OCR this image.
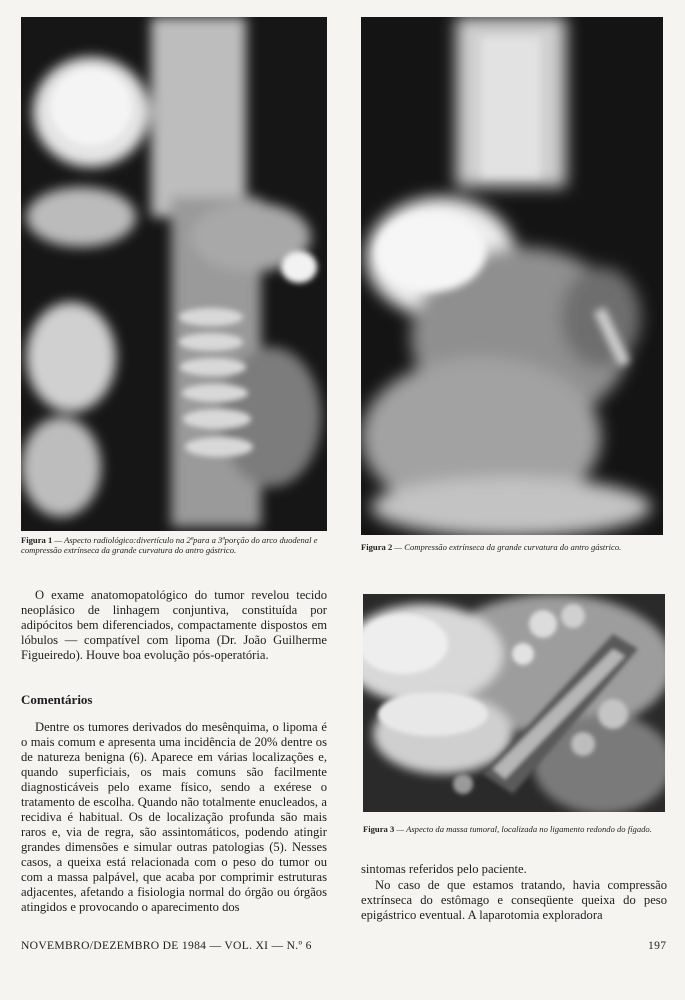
Figura 1 — Aspecto radiológico:divertículo na 2ªpara a 3ªporção do arco duodenal e compressão extrínseca da grande curvatura do antro gástrico.	Figura 2 — Compressão extrínseca da grande curvatura do antro gástrico.

Figura 3 — Aspecto da massa tumoral, localizada no ligamento redondo do fígado.

O exame anatomopatológico do tumor revelou tecido neoplásico de linhagem conjuntiva, constituída por adipócitos bem diferenciados, compactamente dispostos em lóbulos — compatível com lipoma (Dr. João Guilherme Figueiredo). Houve boa evolução pós-operatória.

Comentários

Dentre os tumores derivados do mesênquima, o lipoma é o mais comum e apresenta uma incidência de 20% dentre os de natureza benigna (6). Aparece em várias localizações e, quando superficiais, os mais comuns são facilmente diagnosticáveis pelo exame físico, sendo a exérese o tratamento de escolha. Quando não totalmente enucleados, a recidiva é habitual. Os de localização profunda são mais raros e, via de regra, são assintomáticos, podendo atingir grandes dimensões e simular outras patologias (5). Nesses casos, a queixa está relacionada com o peso do tumor ou com a massa palpável, que acaba por comprimir estruturas adjacentes, afetando a fisiologia normal do órgão ou órgãos atingidos e provocando o aparecimento dos

sintomas referidos pelo paciente.

No caso de que estamos tratando, havia compressão extrínseca do estômago e conseqüente queixa do peso epigástrico eventual. A laparotomia exploradora

NOVEMBRO/DEZEMBRO DE 1984 — VOL. XI — N.º 6	197
